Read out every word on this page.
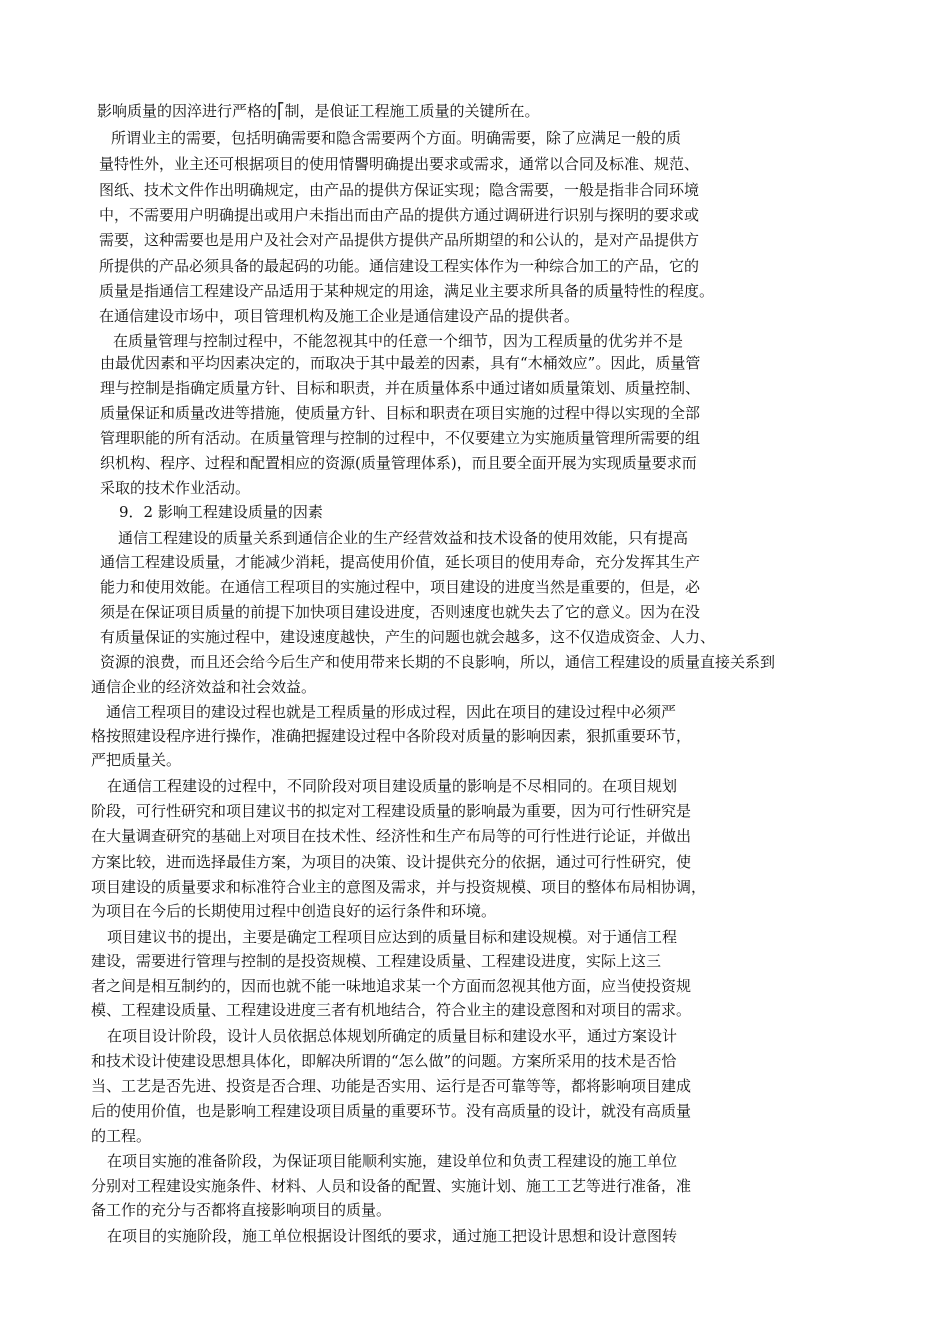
影响质量的因淬进行严格的⎡制，是俍证工程施工质量的关键所在。
所谓业主的需要，包括明确需要和隐含需要两个方面。明确需要，除了应满足一般的质
量特性外，业主还可根据项目的使用情譻明确提出要求或需求，通常以合同及标准、规范、
图纸、技术文件作出明确规定，由产品的提供方保证实现；隐含需要，一般是指非合同环境
中，不需要用户明确提出或用户未指出而由产品的提供方通过调研进行识别与探明的要求或
需要，这种需要也是用户及社会对产品提供方提供产品所期望的和公认的，是对产品提供方
所提供的产品必须具备的最起码的功能。通信建设工程实体作为一种综合加工的产品，它的
质量是指通信工程建设产品适用于某种规定的用途，满足业主要求所具备的质量特性的程度。
在通信建设市场中，项目管理机构及施工企业是通信建设产品的提供者。
在质量管理与控制过程中，不能忽视其中的任意一个细节，因为工程质量的优劣并不是
由最优因素和平均因素决定的，而取决于其中最差的因素，具有“木桶效应”。因此，质量管
理与控制是指确定质量方针、目标和职责，并在质量体系中通过诸如质量策划、质量控制、
质量保证和质量改进等措施，使质量方针、目标和职责在项目实施的过程中得以实现的全部
管理职能的所有活动。在质量管理与控制的过程中，不仅要建立为实施质量管理所需要的组
织机构、程序、过程和配置相应的资源(质量管理体系)，而且要全面开展为实现质量要求而
采取的技术作业活动。
9．2 影响工程建设质量的因素
通信工程建设的质量关系到通信企业的生产经营效益和技术设备的使用效能，只有提高
通信工程建设质量，才能减少消耗，提高使用价值，延长项目的使用寿命，充分发挥其生产
能力和使用效能。在通信工程项目的实施过程中，项目建设的进度当然是重要的，但是，必
须是在保证项目质量的前提下加快项目建设进度，否则速度也就失去了它的意义。因为在没
有质量保证的实施过程中，建设速度越快，产生的问题也就会越多，这不仅造成资金、人力、
资源的浪费，而且还会给今后生产和使用带来长期的不良影响，所以，通信工程建设的质量直接关系到
通信企业的经济效益和社会效益。
通信工程项目的建设过程也就是工程质量的形成过程，因此在项目的建设过程中必须严
格按照建设程序进行操作，准确把握建设过程中各阶段对质量的影响因素，狠抓重要环节，
严把质量关。
在通信工程建设的过程中，不同阶段对项目建设质量的影响是不尽相同的。在项目规划
阶段，可行性研究和项目建议书的拟定对工程建设质量的影响最为重要，因为可行性研究是
在大量调查研究的基础上对项目在技术性、经济性和生产布局等的可行性进行论证，并做出
方案比较，进而选择最佳方案，为项目的决策、设计提供充分的依据，通过可行性研究，使
项目建设的质量要求和标准符合业主的意图及需求，并与投资规模、项目的整体布局相协调，
为项目在今后的长期使用过程中创造良好的运行条件和环境。
项目建议书的提出，主要是确定工程项目应达到的质量目标和建设规模。对于通信工程
建设，需要进行管理与控制的是投资规模、工程建设质量、工程建设进度，实际上这三
者之间是相互制约的，因而也就不能一味地追求某一个方面而忽视其他方面，应当使投资规
模、工程建设质量、工程建设进度三者有机地结合，符合业主的建设意图和对项目的需求。
在项目设计阶段，设计人员依据总体规划所确定的质量目标和建设水平，通过方案设计
和技术设计使建设思想具体化，即解决所谓的“怎么做”的问题。方案所采用的技术是否恰
当、工艺是否先进、投资是否合理、功能是否实用、运行是否可靠等等，都将影响项目建成
后的使用价值，也是影响工程建设项目质量的重要环节。没有高质量的设计，就没有高质量
的工程。
在项目实施的准备阶段，为保证项目能顺利实施，建设单位和负责工程建设的施工单位
分别对工程建设实施条件、材料、人员和设备的配置、实施计划、施工工艺等进行准备，准
备工作的充分与否都将直接影响项目的质量。
在项目的实施阶段，施工单位根据设计图纸的要求，通过施工把设计思想和设计意图转
